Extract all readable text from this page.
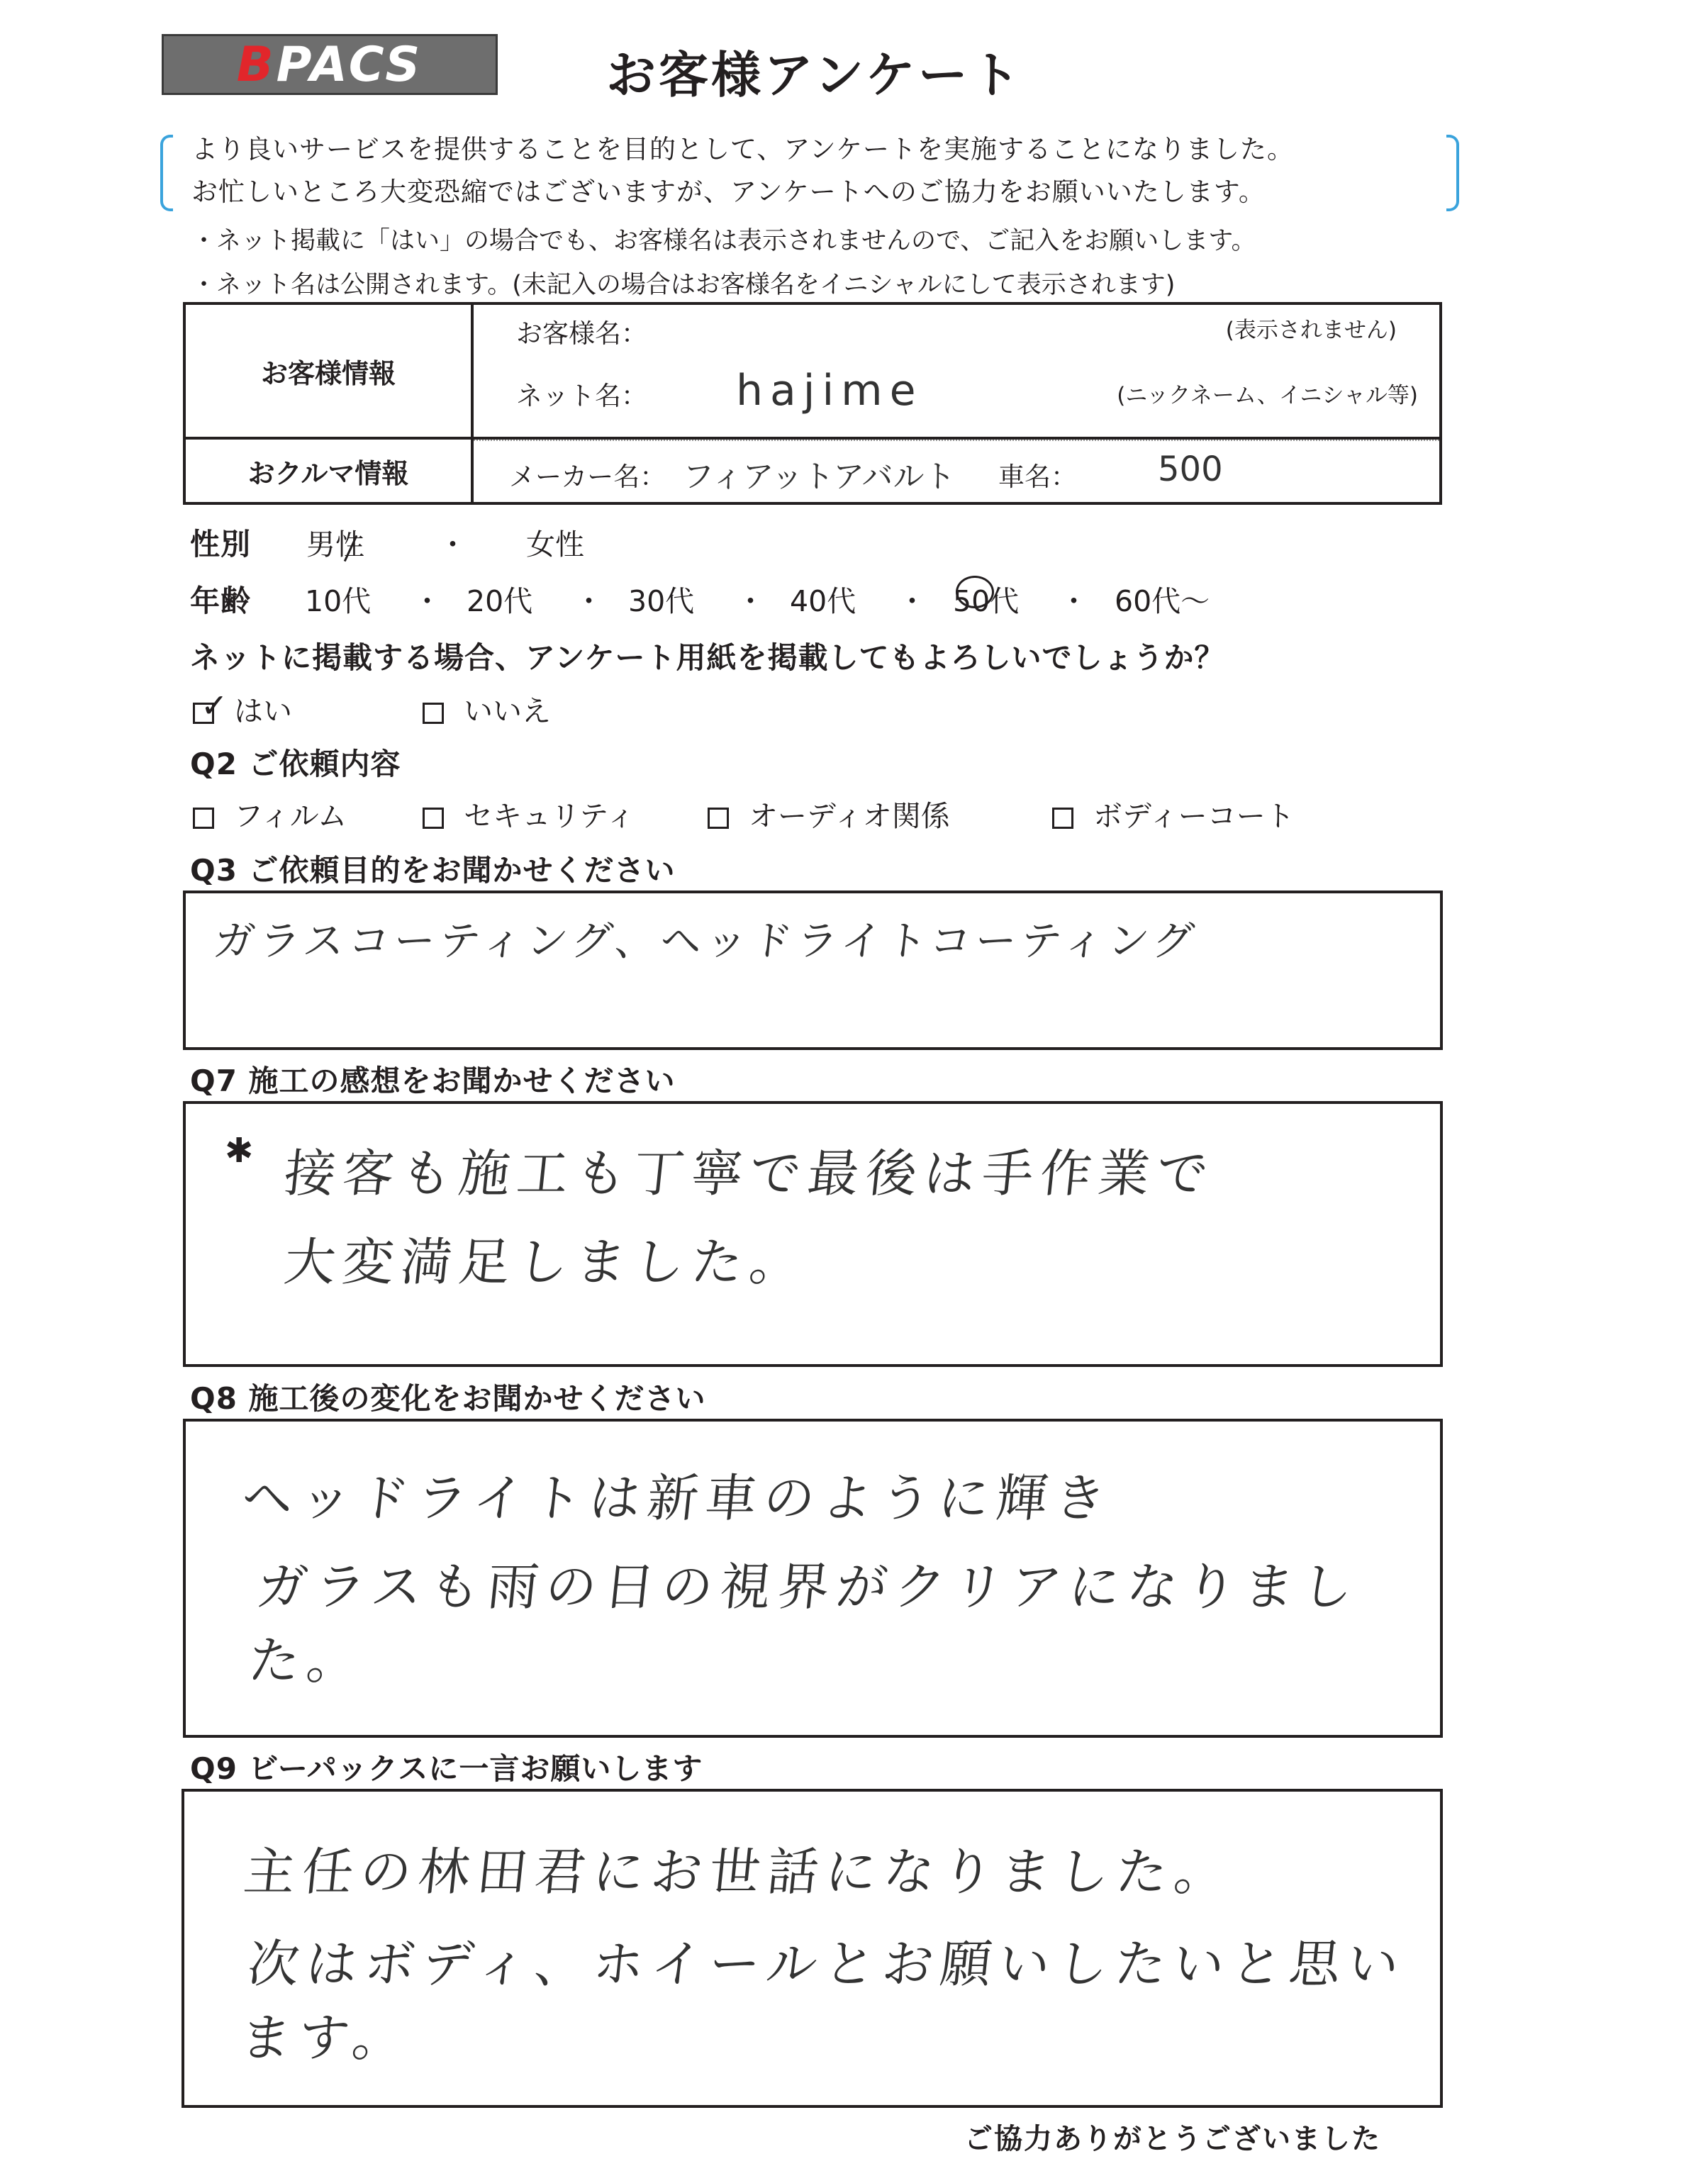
BPACS	お客様アンケート
より良いサービスを提供することを目的として、アンケートを実施することになりました。
お忙しいところ大変恐縮ではございますが、アンケートへのご協力をお願いいたします。
・ネット掲載に「はい」の場合でも、お客様名は表示されませんので、ご記入をお願いします。
・ネット名は公開されます。(未記入の場合はお客様名をイニシャルにして表示されます)
お客様情報	お客様名： (表示されません)
ネット名： hajime (ニックネーム、イニシャル等)

おクルマ情報	メーカー名： フィアットアバルト 車名： 500
性別 男性	・ 女性
年齢 10代 ・ 20代 ・ 30代 ・ 40代 ・ 50代 ・ 60代～
ネットに掲載する場合、アンケート用紙を掲載してもよろしいでしょうか？
はい
✓	いいえ
Q2 ご依頼内容
フィルム	セキュリティ	オーディオ関係	ボディーコート
Q3 ご依頼目的をお聞かせください
ガラスコーティング、ヘッドライトコーティング
Q7 施工の感想をお聞かせください
✱ 接客も施工も丁寧で最後は手作業で
大変満足しました。
Q8 施工後の変化をお聞かせください
ヘッドライトは新車のように輝き
ガラスも雨の日の視界がクリアになりました。
Q9 ビーパックスに一言お願いします
主任の林田君にお世話になりました。
次はボディ、ホイールとお願いしたいと思います。
ご協力ありがとうございました
